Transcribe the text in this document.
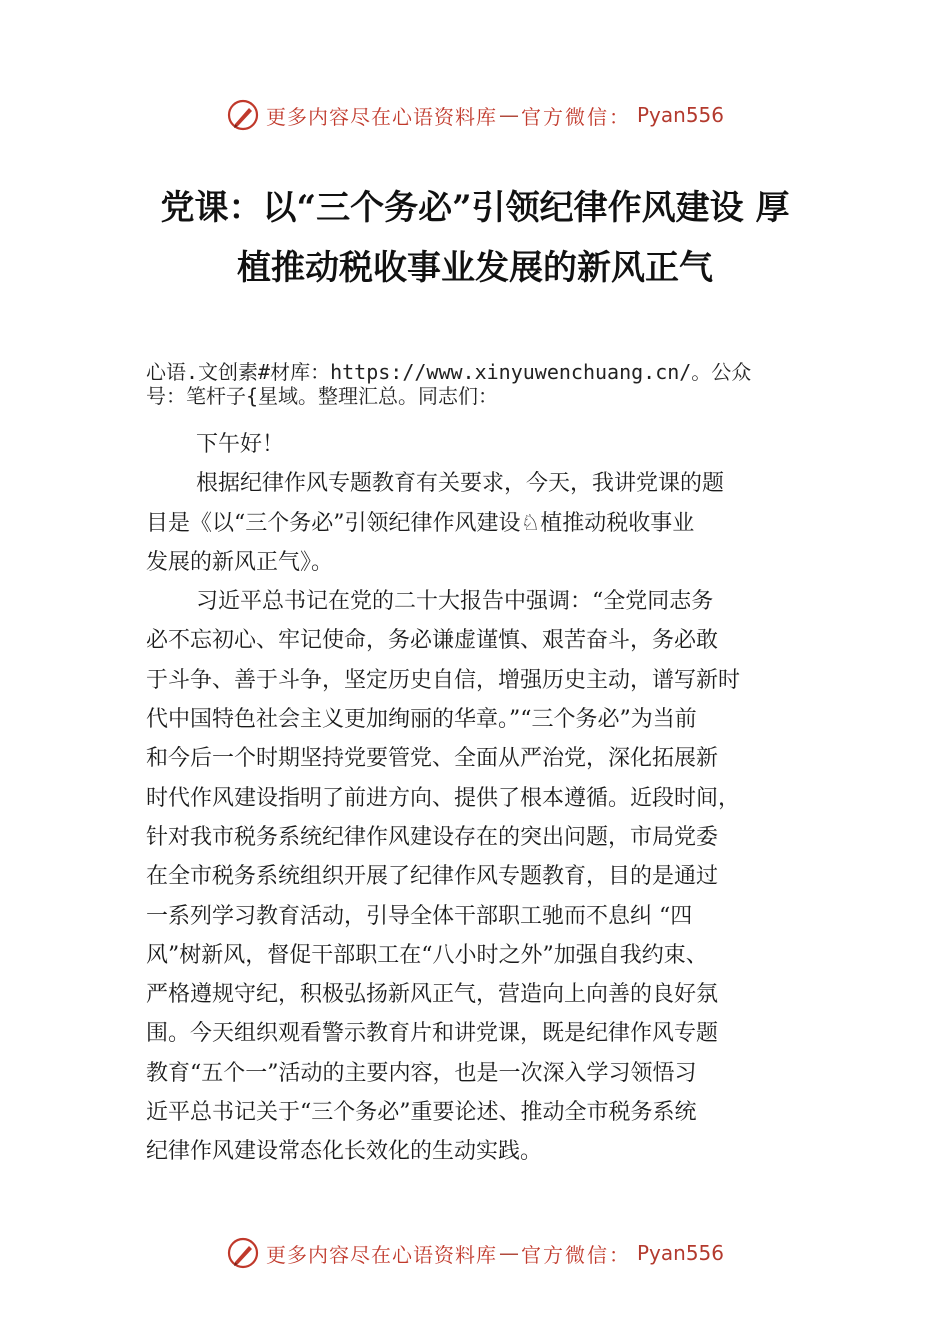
更多内容尽在心语资料库 — 官方微信： Pyan556
党课：以“三个务必”引领纪律作风建设 厚
植推动税收事业发展的新风正气
心语.文创素#材库：https://www.xinyuwenchuang.cn/。公众
号：笔杆子{星域。整理汇总。同志们：
下午好！
根据纪律作风专题教育有关要求，今天，我讲党课的题
目是《以“三个务必”引领纪律作风建设♘植推动税收事业
发展的新风正气》。
习近平总书记在党的二十大报告中强调：“全党同志务
必不忘初心、牢记使命，务必谦虚谨慎、艰苦奋斗，务必敢
于斗争、善于斗争，坚定历史自信，增强历史主动，谱写新时
代中国特色社会主义更加绚丽的华章。”“三个务必”为当前
和今后一个时期坚持党要管党、全面从严治党，深化拓展新
时代作风建设指明了前进方向、提供了根本遵循。近段时间，
针对我市税务系统纪律作风建设存在的突出问题，市局党委
在全市税务系统组织开展了纪律作风专题教育，目的是通过
一系列学习教育活动，引导全体干部职工驰而不息纠 “四
风”树新风，督促干部职工在“八小时之外”加强自我约束、
严格遵规守纪，积极弘扬新风正气，营造向上向善的良好氛
围。今天组织观看警示教育片和讲党课，既是纪律作风专题
教育“五个一”活动的主要内容，也是一次深入学习领悟习
近平总书记关于“三个务必”重要论述、推动全市税务系统
纪律作风建设常态化长效化的生动实践。
更多内容尽在心语资料库 — 官方微信： Pyan556
